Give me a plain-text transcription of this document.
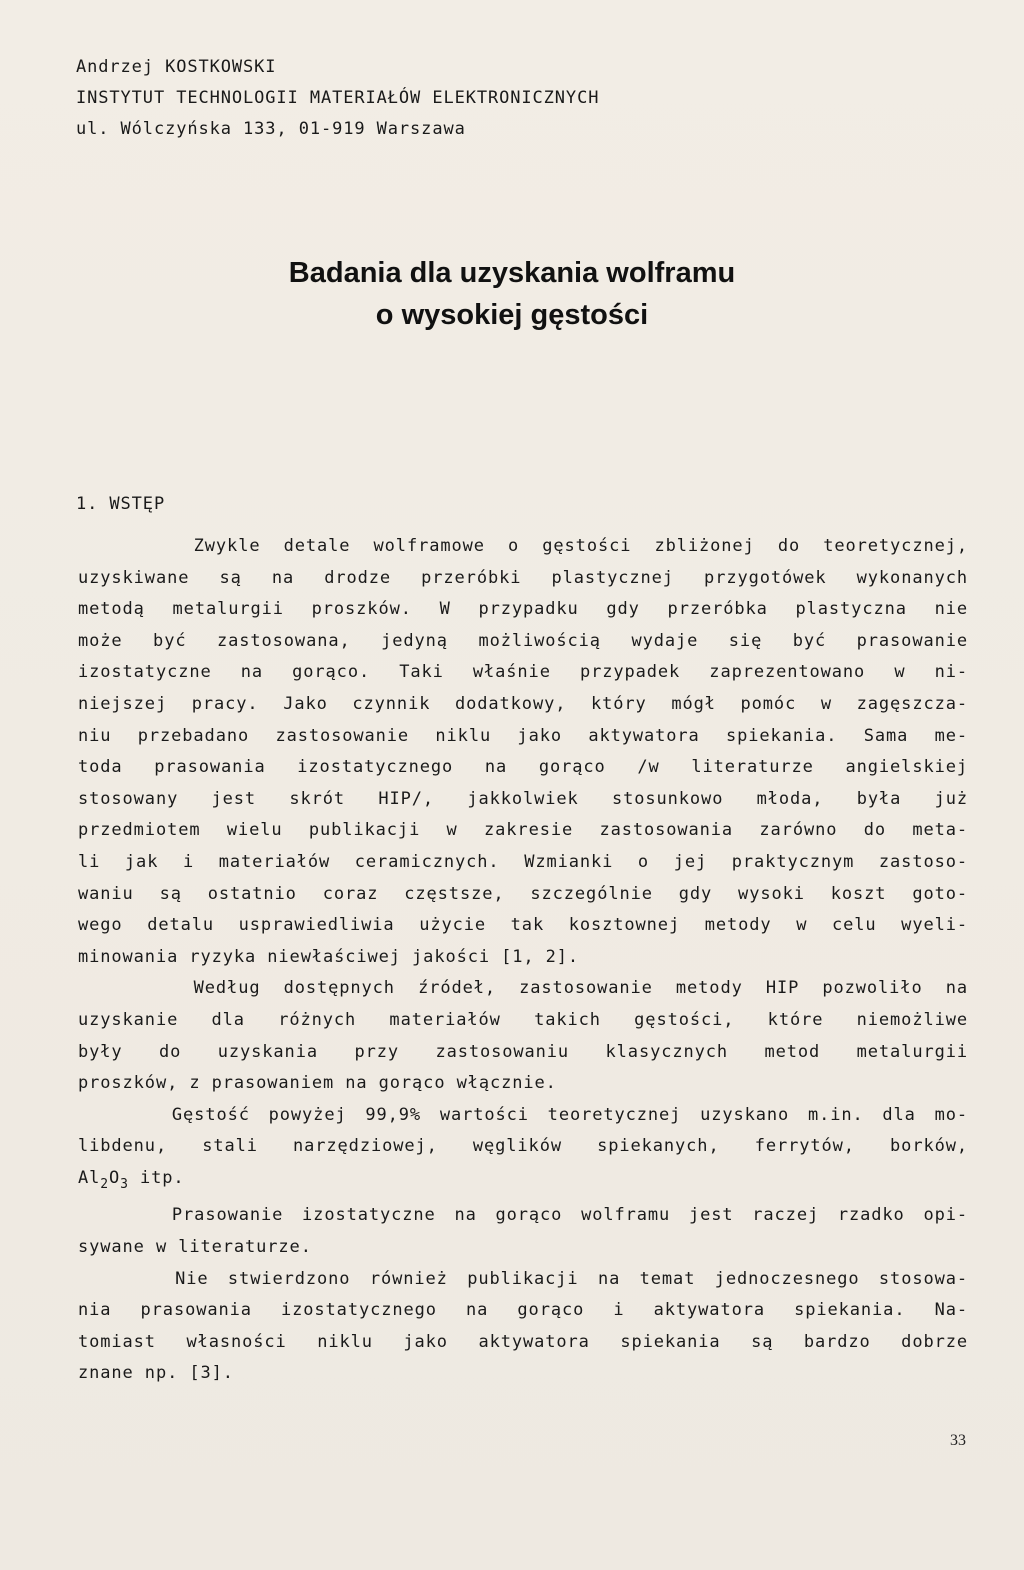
Andrzej KOSTKOWSKI
INSTYTUT TECHNOLOGII MATERIAŁÓW ELEKTRONICZNYCH
ul. Wólczyńska 133, 01-919 Warszawa
Badania dla uzyskania wolframu
o wysokiej gęstości
1. WSTĘP
Zwykle detale wolframowe o gęstości zbliżonej do teoretycznej,
uzyskiwane są na drodze przeróbki plastycznej przygotówek wykonanych
metodą metalurgii proszków. W przypadku gdy przeróbka plastyczna nie
może być zastosowana, jedyną możliwością wydaje się być prasowanie
izostatyczne na gorąco. Taki właśnie przypadek zaprezentowano w ni-
niejszej pracy. Jako czynnik dodatkowy, który mógł pomóc w zagęszcza-
niu przebadano zastosowanie niklu jako aktywatora spiekania. Sama me-
toda prasowania izostatycznego na gorąco /w literaturze angielskiej
stosowany jest skrót HIP/, jakkolwiek stosunkowo młoda, była już
przedmiotem wielu publikacji w zakresie zastosowania zarówno do meta-
li jak i materiałów ceramicznych. Wzmianki o jej praktycznym zastoso-
waniu są ostatnio coraz częstsze, szczególnie gdy wysoki koszt goto-
wego detalu usprawiedliwia użycie tak kosztownej metody w celu wyeli-
minowania ryzyka niewłaściwej jakości [1, 2].
Według dostępnych źródeł, zastosowanie metody HIP pozwoliło na
uzyskanie dla różnych materiałów takich gęstości, które niemożliwe
były do uzyskania przy zastosowaniu klasycznych metod metalurgii
proszków, z prasowaniem na gorąco włącznie.
Gęstość powyżej 99,9% wartości teoretycznej uzyskano m.in. dla mo-
libdenu, stali narzędziowej, węglików spiekanych, ferrytów, borków,
$Al_2O_3$ itp.
Prasowanie izostatyczne na gorąco wolframu jest raczej rzadko opi-
sywane w literaturze.
Nie stwierdzono również publikacji na temat jednoczesnego stosowa-
nia prasowania izostatycznego na gorąco i aktywatora spiekania. Na-
tomiast własności niklu jako aktywatora spiekania są bardzo dobrze
znane np. [3].
33
